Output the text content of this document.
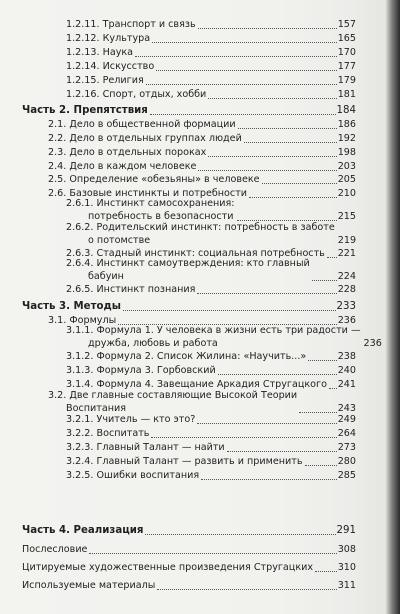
1.2.11. Транспорт и связь	157
1.2.12. Культура	165
1.2.13. Наука	170
1.2.14. Искусство	177
1.2.15. Религия	179
1.2.16. Спорт, отдых, хобби	181
Часть 2. Препятствия	184
2.1. Дело в общественной формации	186
2.2. Дело в отдельных группах людей	192
2.3. Дело в отдельных пороках	198
2.4. Дело в каждом человеке	203
2.5. Определение «обезьяны» в человеке	205
2.6. Базовые инстинкты и потребности	210
2.6.1. Инстинкт самосохранения:
потребность в безопасности	215
2.6.2. Родительский инстинкт: потребность в заботе
о потомстве	219
2.6.3. Стадный инстинкт: социальная потребность 221
2.6.4. Инстинкт самоутверждения: кто главный
бабуин	224
2.6.5. Инстинкт познания	228
Часть 3. Методы	233
3.1. Формулы	236
3.1.1. Формула 1. У человека в жизни есть три радости —
дружба, любовь и работа	236
3.1.2. Формула 2. Список Жилина: «Научить...»	238
3.1.3. Формула 3. Горбовский	240
3.1.4. Формула 4. Завещание Аркадия Стругацкого 241
3.2. Две главные составляющие Высокой Теории
Воспитания	243
3.2.1. Учитель — кто это?	249
3.2.2. Воспитать	264
3.2.3. Главный Талант — найти	273
3.2.4. Главный Талант — развить и применить	280
3.2.5. Ошибки воспитания	285
Часть 4. Реализация	291
Послесловие	308
Цитируемые художественные произведения Стругацких	310
Используемые материалы	311
